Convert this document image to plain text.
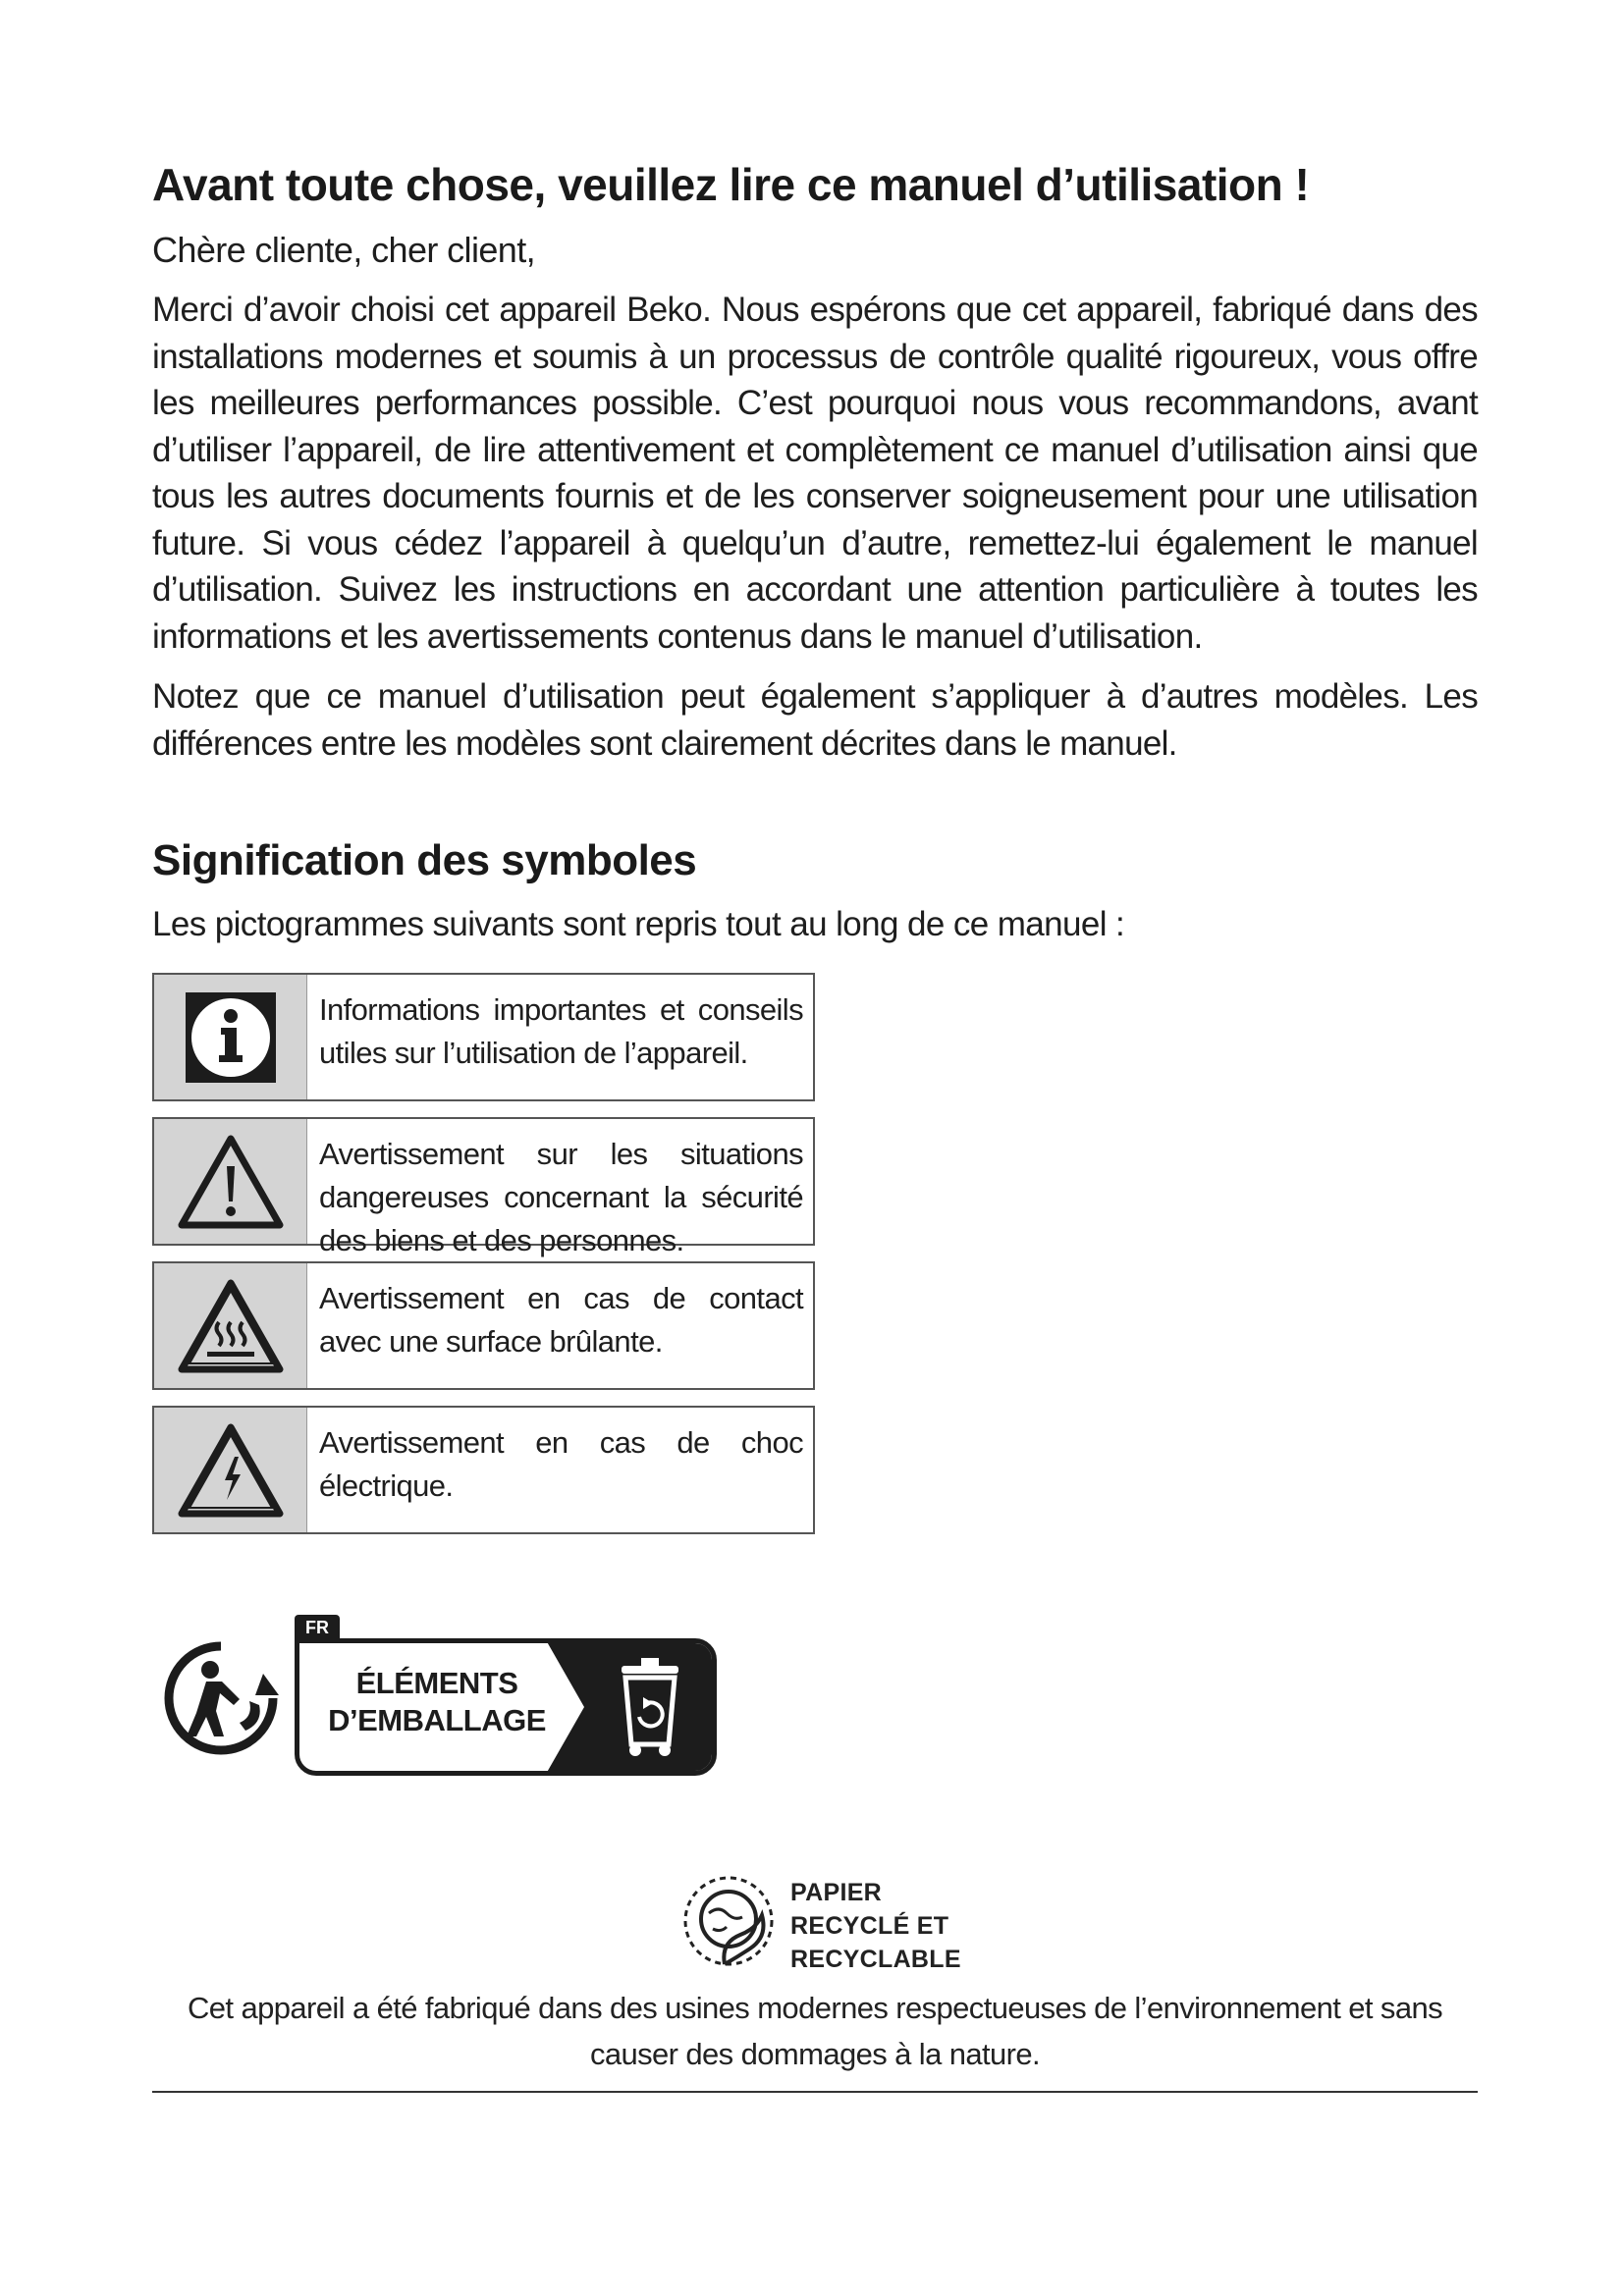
Avant toute chose, veuillez lire ce manuel d’utilisation !

Chère cliente, cher client,

Merci d’avoir choisi cet appareil Beko. Nous espérons que cet appareil, fabriqué dans des installations modernes et soumis à un processus de contrôle qualité rigoureux, vous offre les meilleures performances possible. C’est pourquoi nous vous recommandons, avant d’utiliser l’appareil, de lire attentivement et complètement ce manuel d’utilisation ainsi que tous les autres documents fournis et de les conserver soigneusement pour une utilisation future. Si vous cédez l’appareil à quelqu’un d’autre, remettez-lui également le manuel d’utilisation. Suivez les instructions en accordant une attention particulière à toutes les informations et les avertissements contenus dans le manuel d’utilisation.

Notez que ce manuel d’utilisation peut également s’appliquer à d’autres modèles. Les différences entre les modèles sont clairement décrites dans le manuel.

Signification des symboles

Les pictogrammes suivants sont repris tout au long de ce manuel :

Informations importantes et conseils utiles sur l’utilisation de l’appareil.
Avertissement sur les situations dangereuses concernant la sécurité des biens et des personnes.
Avertissement en cas de contact avec une surface brûlante.
Avertissement en cas de choc électrique.
FR
ÉLÉMENTS
D’EMBALLAGE
PAPIER
RECYCLÉ ET
RECYCLABLE
Cet appareil a été fabriqué dans des usines modernes respectueuses de l’environnement et sans causer des dommages à la nature.
